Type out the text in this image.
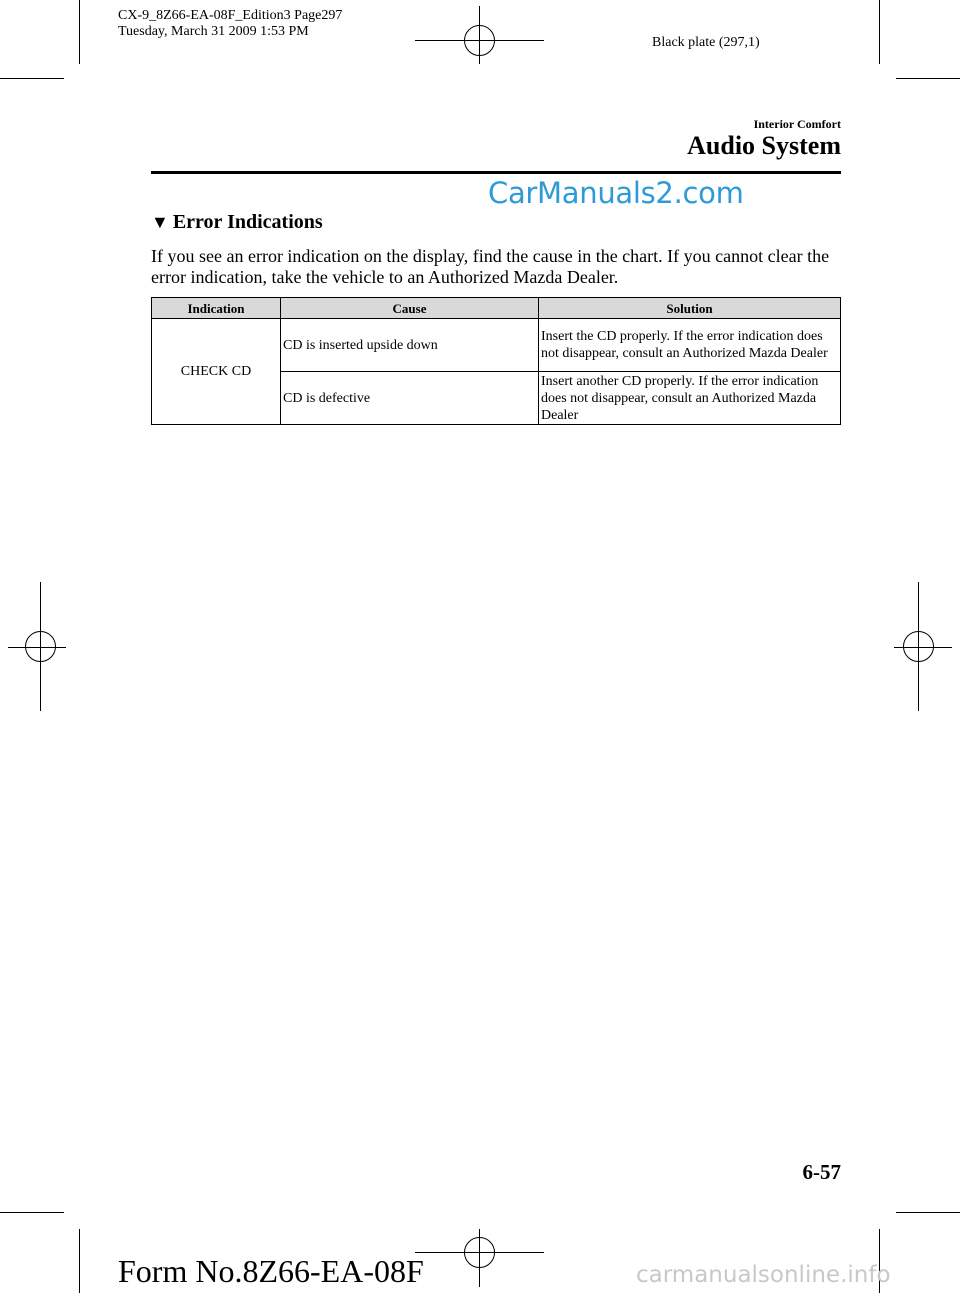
CX-9_8Z66-EA-08F_Edition3 Page297
Tuesday, March 31 2009 1:53 PM
Black plate (297,1)
Interior Comfort
Audio System
CarManuals2.com
▼ Error Indications
If you see an error indication on the display, find the cause in the chart. If you cannot clear the error indication, take the vehicle to an Authorized Mazda Dealer.
Indication	Cause	Solution
CHECK CD	CD is inserted upside down	Insert the CD properly. If the error indication does not disappear, consult an Authorized Mazda Dealer
	CD is defective	Insert another CD properly. If the error indication does not disappear, consult an Authorized Mazda Dealer
6-57
Form No.8Z66-EA-08F	carmanualsonline.info
